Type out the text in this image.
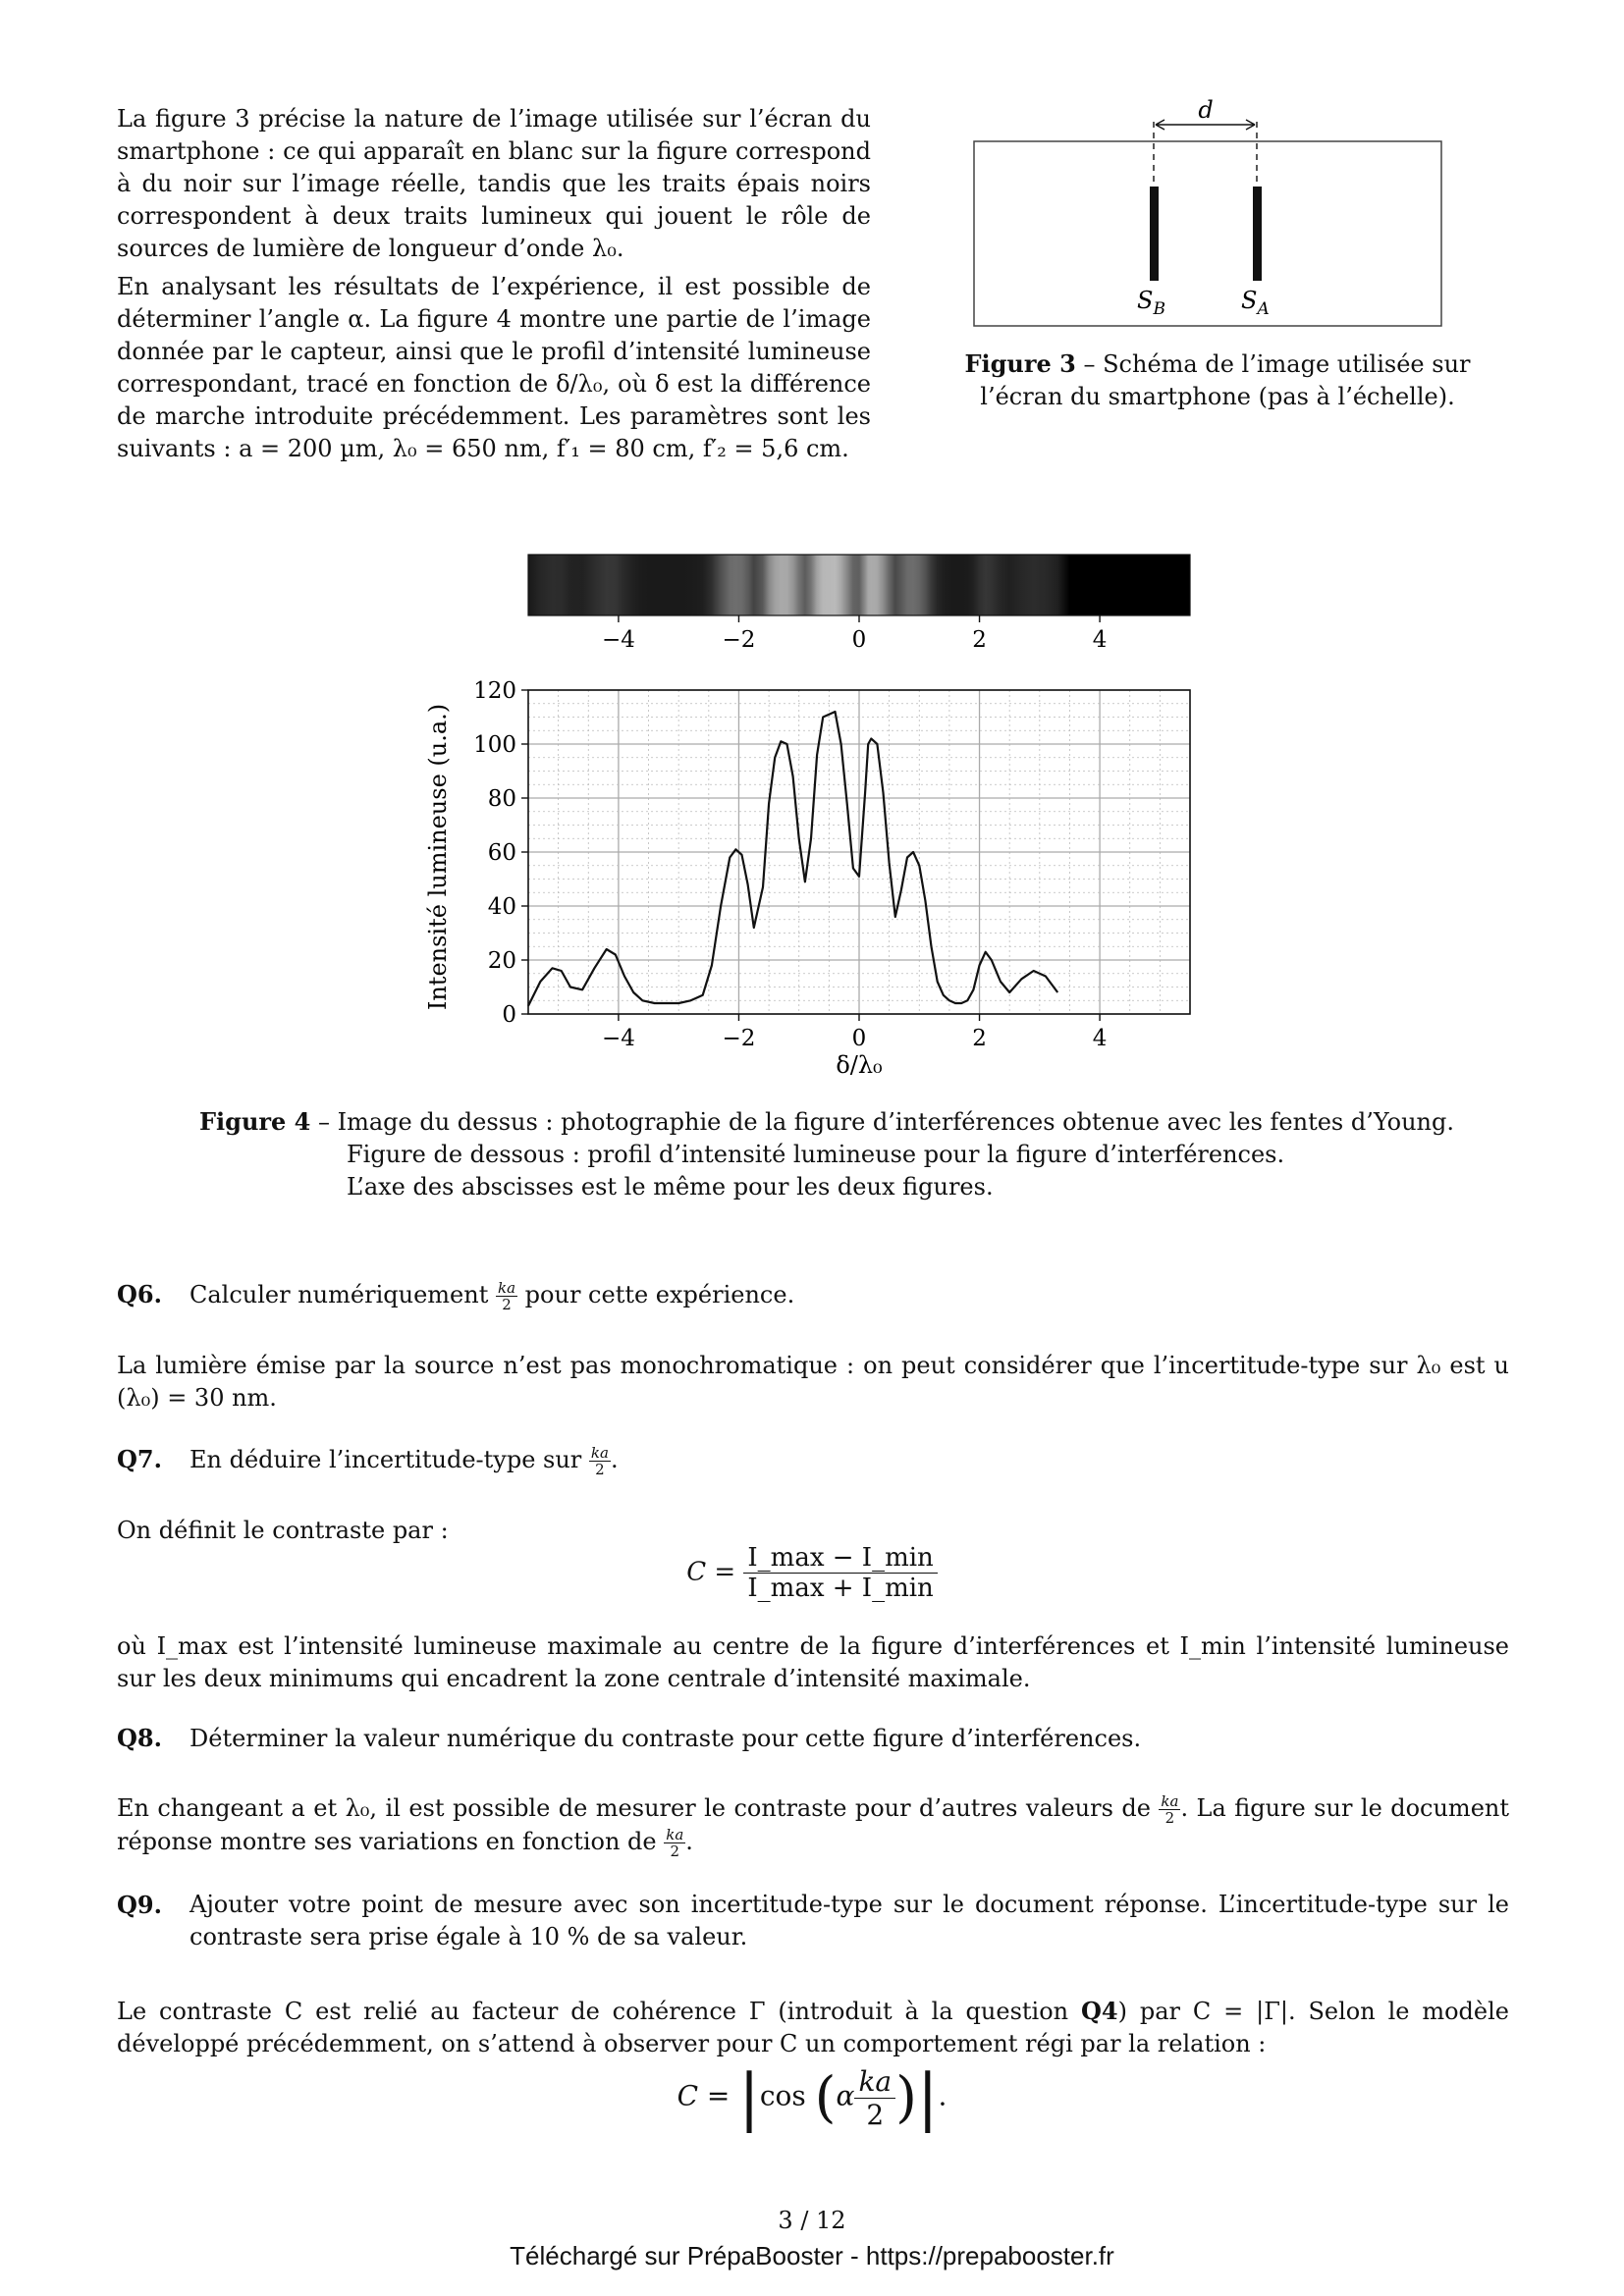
La figure 3 précise la nature de l’image utilisée sur l’écran du smartphone : ce qui apparaît en blanc sur la figure correspond à du noir sur l’image réelle, tandis que les traits épais noirs correspondent à deux traits lumineux qui jouent le rôle de sources de lumière de longueur d’onde λ₀.
En analysant les résultats de l’expérience, il est possible de déterminer l’angle α. La figure 4 montre une partie de l’image donnée par le capteur, ainsi que le profil d’intensité lumineuse correspondant, tracé en fonction de δ/λ₀, où δ est la différence de marche introduite précédemment. Les paramètres sont les suivants : a = 200 µm, λ₀ = 650 nm, f′₁ = 80 cm, f′₂ = 5,6 cm.
d
$S_B$	$S_A$
Figure 3 – Schéma de l’image utilisée sur
l’écran du smartphone (pas à l’échelle).
−4	−2	0	2	4
−4	−2	0	2	4
0
20
40
60
80
100
120
Intensité lumineuse (u.a.)
δ/λ₀
Figure 4 – Image du dessus : photographie de la figure d’interférences obtenue avec les fentes d’Young.
Figure de dessous : profil d’intensité lumineuse pour la figure d’interférences.
L’axe des abscisses est le même pour les deux figures.
Q6. Calculer numériquement $\frac{ka}{2}$ pour cette expérience.
La lumière émise par la source n’est pas monochromatique : on peut considérer que l’incertitude-type sur λ₀ est u (λ₀) = 30 nm.
Q7. En déduire l’incertitude-type sur $\frac{ka}{2}$ .
On définit le contraste par :
$C = \frac{I\_\max - I\_\min}{I\_\max + I\_\min}$
où I_max est l’intensité lumineuse maximale au centre de la figure d’interférences et I_min l’intensité lumineuse sur les deux minimums qui encadrent la zone centrale d’intensité maximale.
Q8. Déterminer la valeur numérique du contraste pour cette figure d’interférences.
En changeant a et λ₀, il est possible de mesurer le contraste pour d’autres valeurs de $\frac{ka}{2}$ . La figure sur le document réponse montre ses variations en fonction de $\frac{ka}{2}$ .
Q9.	Ajouter votre point de mesure avec son incertitude-type sur le document réponse. L’incertitude-type sur le contraste sera prise égale à 10 % de sa valeur.
Le contraste C est relié au facteur de cohérence Γ (introduit à la question Q4) par C = |Γ|. Selon le modèle développé précédemment, on s’attend à observer pour C un comportement régi par la relation :
C = |cos ($\alpha \frac{ka}{2}$ )|.
3 / 12
Téléchargé sur PrépaBooster - https://prepabooster.fr
